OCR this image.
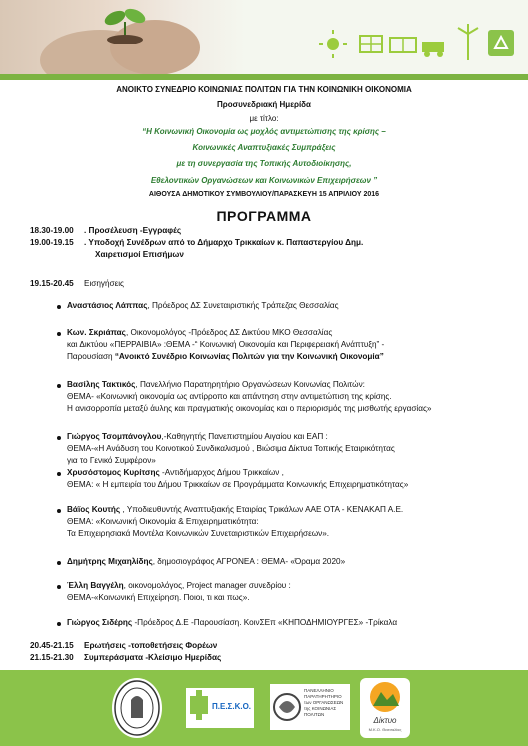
ΑΝΟΙΚΤΟ ΣΥΝΕΔΡΙΟ ΚΟΙΝΩΝΙΑΣ ΠΟΛΙΤΩΝ ΓΙΑ ΤΗΝ ΚΟΙΝΩΝΙΚΗ ΟΙΚΟΝΟΜΙΑ
Προσυνεδριακή Ημερίδα
με τίτλο:
“Η Κοινωνική Οικονομία ως μοχλός αντιμετώπισης της κρίσης –
Κοινωνικές Αναπτυξιακές Συμπράξεις
με τη συνεργασία της Τοπικής Αυτοδιοίκησης,
Εθελοντικών Οργανώσεων και Κοινωνικών Επιχειρήσεων ”
ΑΙΘΟΥΣΑ ΔΗΜΟΤΙΚΟΥ ΣΥΜΒΟΥΛΙΟΥ/ΠΑΡΑΣΚΕΥΗ 15 ΑΠΡΙΛΙΟΥ 2016
ΠΡΟΓΡΑΜΜΑ
18.30-19.00 . Προσέλευση -Εγγραφές
19.00-19.15 . Υποδοχή Συνέδρων από το Δήμαρχο Τρικκαίων κ. Παπαστεργίου Δημ.
Χαιρετισμοί Επισήμων
19.15-20.45 Εισηγήσεις
Αναστάσιος Λάππας, Πρόεδρος ΔΣ Συνεταιριστικής Τράπεζας Θεσσαλίας
Κων. Σκριάπας, Οικονομολόγος -Πρόεδρος ΔΣ Δικτύου ΜΚΟ Θεσσαλίας
και Δικτύου «ΠΕΡΡΑΙΒΙΑ» :ΘΕΜΑ -“ Κοινωνική Οικονομία και Περιφερειακή Ανάπτυξη” -
Παρουσίαση “Ανοικτό Συνέδριο Κοινωνίας Πολιτών για την Κοινωνική Οικονομία”
Βασίλης Τακτικός, Πανελλήνιο Παρατηρητήριο Οργανώσεων Κοινωνίας Πολιτών:
ΘΕΜΑ- «Κοινωνική οικονομία ως αντίρροπο και απάντηση στην αντιμετώπιση της κρίσης.
Η ανισορροπία μεταξύ άυλης και πραγματικής οικονομίας και ο περιορισμός της μισθωτής εργασίας»
Γιώργος Τσομπάνογλου,-Καθηγητής Πανεπιστημίου Αιγαίου και ΕΑΠ :
ΘΕΜΑ-«Η Ανάδυση του Κοινοτικού Συνδικαλισμού , Βιώσιμα Δίκτυα Τοπικής Εταιρικότητας
για το Γενικό Συμφέρον»
Χρυσόστομος Κυρίτσης -Αντιδήμαρχος Δήμου Τρικκαίων ,
ΘΕΜΑ: « Η εμπειρία του Δήμου Τρικκαίων σε Προγράμματα Κοινωνικής Επιχειρηματικότητας»
Βάϊος Κουτής , Υποδιευθυντής Αναπτυξιακής Εταιρίας Τρικάλων ΑΑΕ ΟΤΑ - ΚΕΝΑΚΑΠ Α.Ε.
ΘΕΜΑ: «Κοινωνική Οικονομία & Επιχειρηματικότητα:
Τα Επιχειρησιακά Μοντέλα Κοινωνικών Συνεταιριστικών Επιχειρήσεων».
Δημήτρης Μιχαηλίδης, δημοσιογράφος ΑΓΡΟΝΕΑ : ΘΕΜΑ- «Όραμα 2020»
Έλλη Βαγγέλη, οικονομολόγος, Project manager συνεδρίου :
ΘΕΜΑ-«Κοινωνική Επιχείρηση. Ποιοι, τι και πως».
Γιώργος Σιδέρης -Πρόεδρος Δ.Ε -Παρουσίαση. ΚοινΣΕπ «ΚΗΠΟΔΗΜΙΟΥΡΓΕΣ» -Τρίκαλα
20.45-21.15 Ερωτήσεις -τοποθετήσεις Φορέων
21.15-21.30 Συμπεράσματα -Κλείσιμο Ημερίδας
Π.Ε.Σ.Κ.Ο.
ΠΑΝΕΛΛΗΝΙΟ
ΠΑΡΑΤΗΡΗΤΗΡΙΟ
των ΟΡΓΑΝΩΣΕΩΝ
της ΚΟΙΝΩΝΙΑΣ
ΠΟΛΙΤΩΝ
Δίκτυο
Μ.Κ.Ο. Θεσσαλίας
